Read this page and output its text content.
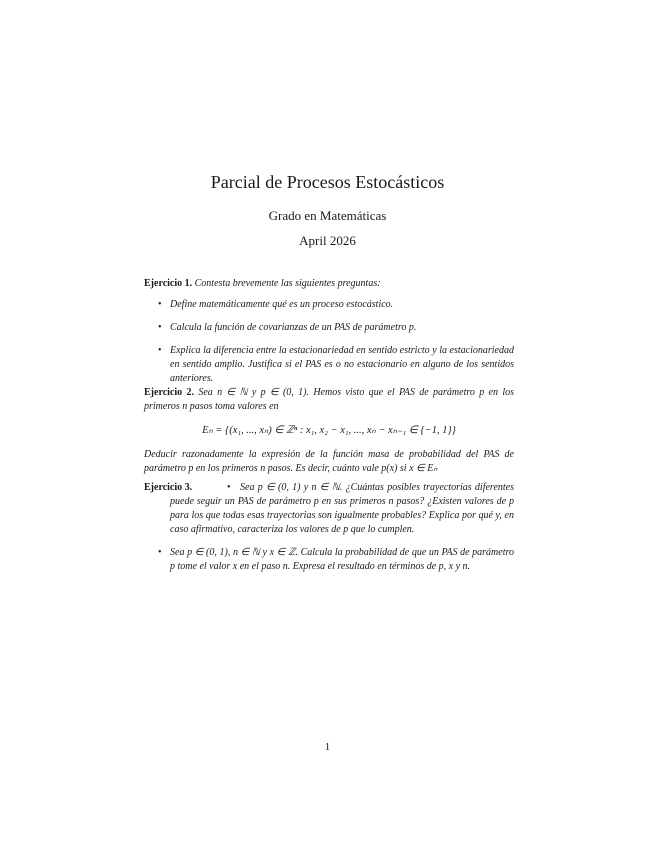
Parcial de Procesos Estocásticos
Grado en Matemáticas
April 2026

Ejercicio 1. Contesta brevemente las siguientes preguntas:

• Define matemáticamente qué es un proceso estocástico.
• Calcula la función de covarianzas de un PAS de parámetro p.
• Explica la diferencia entre la estacionariedad en sentido estricto y la estacionariedad en sentido amplio. Justifica si el PAS es o no estacionario en alguno de los sentidos anteriores.

Ejercicio 2. Sea n ∈ ℕ y p ∈ (0, 1). Hemos visto que el PAS de parámetro p en los primeros n pasos toma valores en

Eₙ = {(x₁, ..., xₙ) ∈ ℤⁿ : x₁, x₂ − x₁, ..., xₙ − xₙ₋₁ ∈ {−1, 1}}

Deducir razonadamente la expresión de la función masa de probabilidad del PAS de parámetro p en los primeros n pasos. Es decir, cuánto vale p(x) si x ∈ Eₙ

Ejercicio 3.	• Sea p ∈ (0, 1) y n ∈ ℕ. ¿Cuántas posibles trayectorias diferentes puede seguir un PAS de parámetro p en sus primeros n pasos? ¿Existen valores de p para los que todas esas trayectorias son igualmente probables? Explica por qué y, en caso afirmativo, caracteriza los valores de p que lo cumplen.
• Sea p ∈ (0, 1), n ∈ ℕ y x ∈ ℤ. Calcula la probabilidad de que un PAS de parámetro p tome el valor x en el paso n. Expresa el resultado en términos de p, x y n.
1
